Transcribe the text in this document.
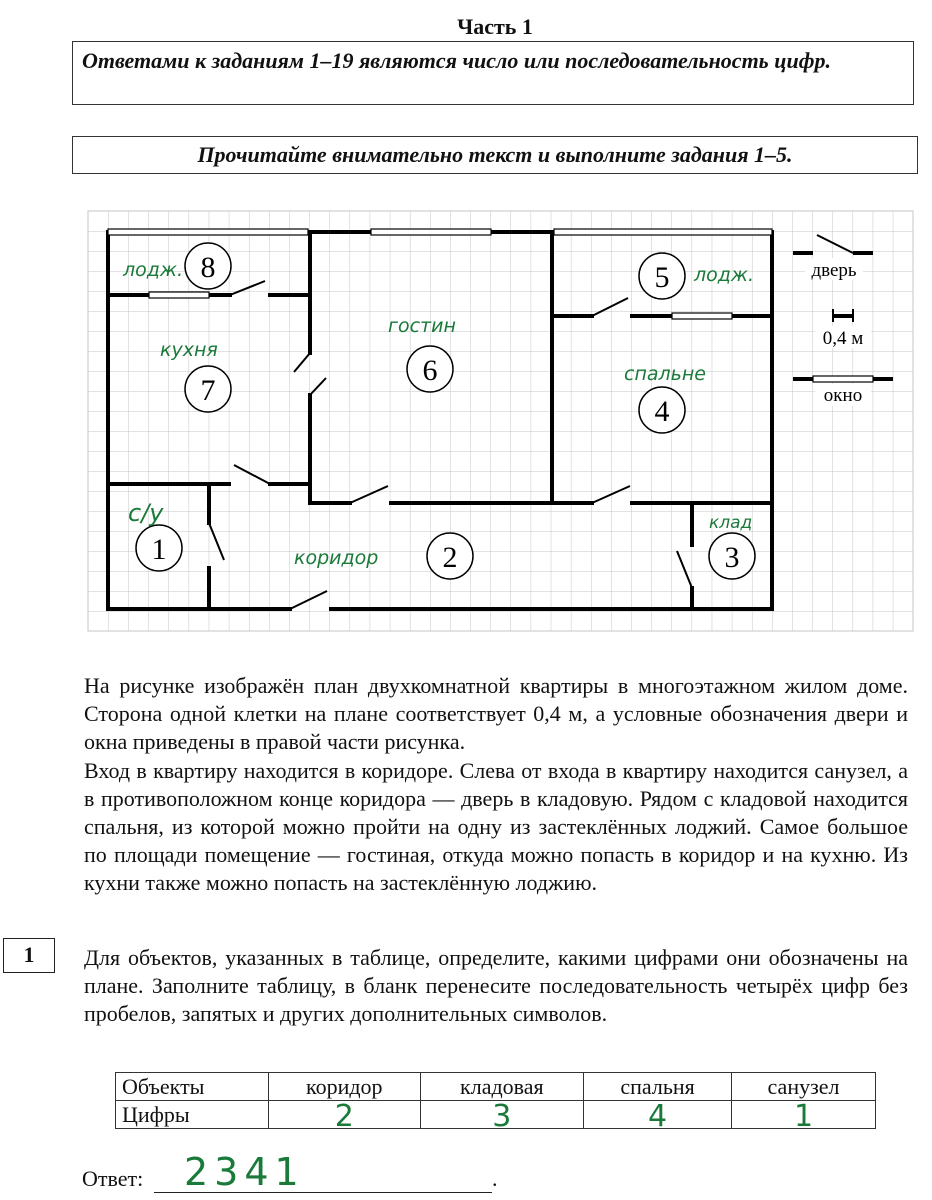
Часть 1
Ответами к заданиям 1–19 являются число или последовательность цифр.
Прочитайте внимательно текст и выполните задания 1–5.
8
7
6
5
4
1	2	3
лодж.
кухня
гостин
лодж.
спальне
с/у
коридор
клад
дверь
0,4 м
окно

На рисунке изображён план двухкомнатной квартиры в многоэтажном жилом доме. Сторона одной клетки на плане соответствует 0,4 м, а условные обозначения двери и окна приведены в правой части рисунка.

Вход в квартиру находится в коридоре. Слева от входа в квартиру находится санузел, а в противоположном конце коридора — дверь в кладовую. Рядом с кладовой находится спальня, из которой можно пройти на одну из застеклённых лоджий. Самое большое по площади помещение — гостиная, откуда можно попасть в коридор и на кухню. Из кухни также можно попасть на застеклённую лоджию.

1	Для объектов, указанных в таблице, определите, какими цифрами они обозначены на плане. Заполните таблицу, в бланк перенесите последовательность четырёх цифр без пробелов, запятых и других дополнительных символов.

Объекты	коридор	кладовая	спальня	санузел
Цифры	2	3	4	1
Ответ: 2341	.
